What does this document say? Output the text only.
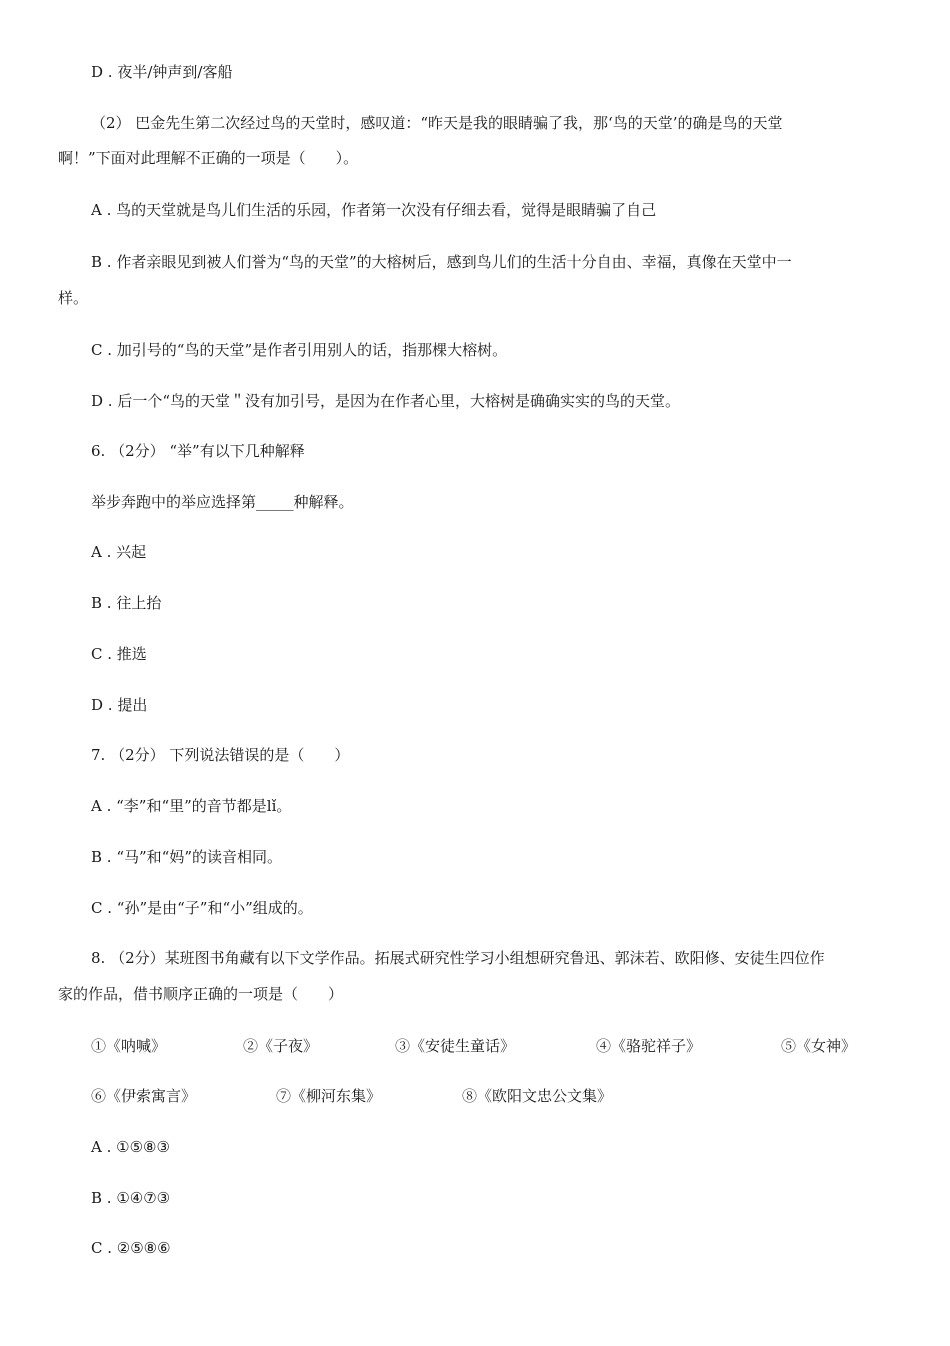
D . 夜半/钟声到/客船
（2） 巴金先生第二次经过鸟的天堂时，感叹道：“昨天是我的眼睛骗了我，那‘鸟的天堂’的确是鸟的天堂
啊！”下面对此理解不正确的一项是（　　）。
A . 鸟的天堂就是鸟儿们生活的乐园，作者第一次没有仔细去看，觉得是眼睛骗了自己
B . 作者亲眼见到被人们誉为“鸟的天堂”的大榕树后，感到鸟儿们的生活十分自由、幸福，真像在天堂中一
样。
C . 加引号的“鸟的天堂”是作者引用别人的话，指那棵大榕树。
D . 后一个“鸟的天堂＂没有加引号，是因为在作者心里，大榕树是确确实实的鸟的天堂。
6. （2分） “举”有以下几种解释
举步奔跑中的举应选择第_____种解释。
A . 兴起
B . 往上抬
C . 推选
D . 提出
7. （2分） 下列说法错误的是（　　）
A . “李”和“里”的音节都是lǐ。
B . “马”和“妈”的读音相同。
C . “孙”是由“子”和“小”组成的。
8. （2分）某班图书角藏有以下文学作品。拓展式研究性学习小组想研究鲁迅、郭沫若、欧阳修、安徒生四位作
家的作品，借书顺序正确的一项是（　　）
①《呐喊》	②《子夜》	③《安徒生童话》	④《骆驼祥子》	⑤《女神》
⑥《伊索寓言》	⑦《柳河东集》	⑧《欧阳文忠公文集》
A . ①⑤⑧③
B . ①④⑦③
C . ②⑤⑧⑥
